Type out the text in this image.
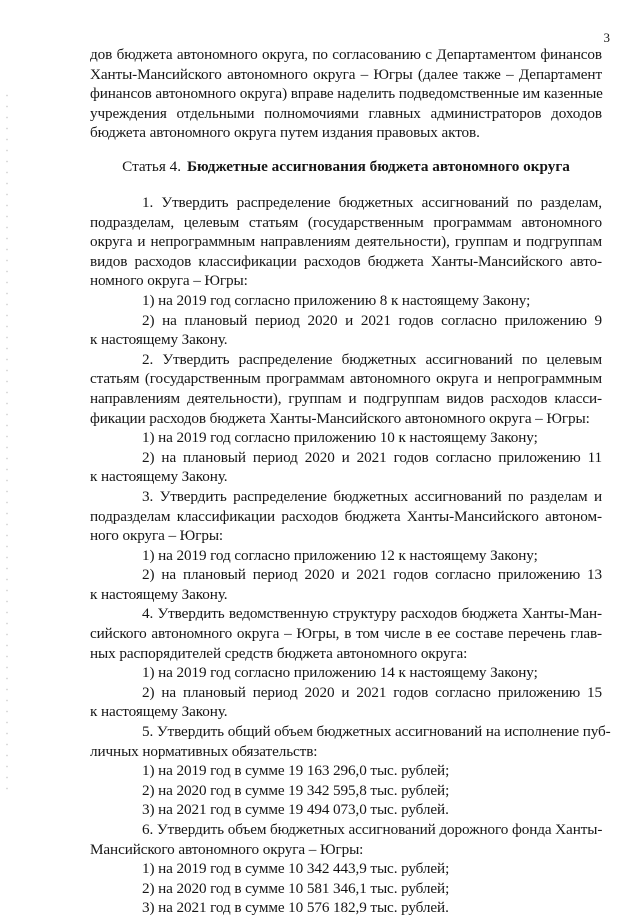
3
дов бюджета автономного округа, по согласованию с Департаментом финансов
Ханты-Мансийского автономного округа – Югры (далее также – Департамент
финансов автономного округа) вправе наделить подведомственные им казенные
учреждения отдельными полномочиями главных администраторов доходов
бюджета автономного округа путем издания правовых актов.
Статья 4. Бюджетные ассигнования бюджета автономного округа
1. Утвердить распределение бюджетных ассигнований по разделам,
подразделам, целевым статьям (государственным программам автономного
округа и непрограммным направлениям деятельности), группам и подгруппам
видов расходов классификации расходов бюджета Ханты-Мансийского авто-
номного округа – Югры:
1) на 2019 год согласно приложению 8 к настоящему Закону;
2) на плановый период 2020 и 2021 годов согласно приложению 9
к настоящему Закону.
2. Утвердить распределение бюджетных ассигнований по целевым
статьям (государственным программам автономного округа и непрограммным
направлениям деятельности), группам и подгруппам видов расходов класси-
фикации расходов бюджета Ханты-Мансийского автономного округа – Югры:
1) на 2019 год согласно приложению 10 к настоящему Закону;
2) на плановый период 2020 и 2021 годов согласно приложению 11
к настоящему Закону.
3. Утвердить распределение бюджетных ассигнований по разделам и
подразделам классификации расходов бюджета Ханты-Мансийского автоном-
ного округа – Югры:
1) на 2019 год согласно приложению 12 к настоящему Закону;
2) на плановый период 2020 и 2021 годов согласно приложению 13
к настоящему Закону.
4. Утвердить ведомственную структуру расходов бюджета Ханты-Ман-
сийского автономного округа – Югры, в том числе в ее составе перечень глав-
ных распорядителей средств бюджета автономного округа:
1) на 2019 год согласно приложению 14 к настоящему Закону;
2) на плановый период 2020 и 2021 годов согласно приложению 15
к настоящему Закону.
5. Утвердить общий объем бюджетных ассигнований на исполнение пуб-
личных нормативных обязательств:
1) на 2019 год в сумме 19 163 296,0 тыс. рублей;
2) на 2020 год в сумме 19 342 595,8 тыс. рублей;
3) на 2021 год в сумме 19 494 073,0 тыс. рублей.
6. Утвердить объем бюджетных ассигнований дорожного фонда Ханты-
Мансийского автономного округа – Югры:
1) на 2019 год в сумме 10 342 443,9 тыс. рублей;
2) на 2020 год в сумме 10 581 346,1 тыс. рублей;
3) на 2021 год в сумме 10 576 182,9 тыс. рублей.
